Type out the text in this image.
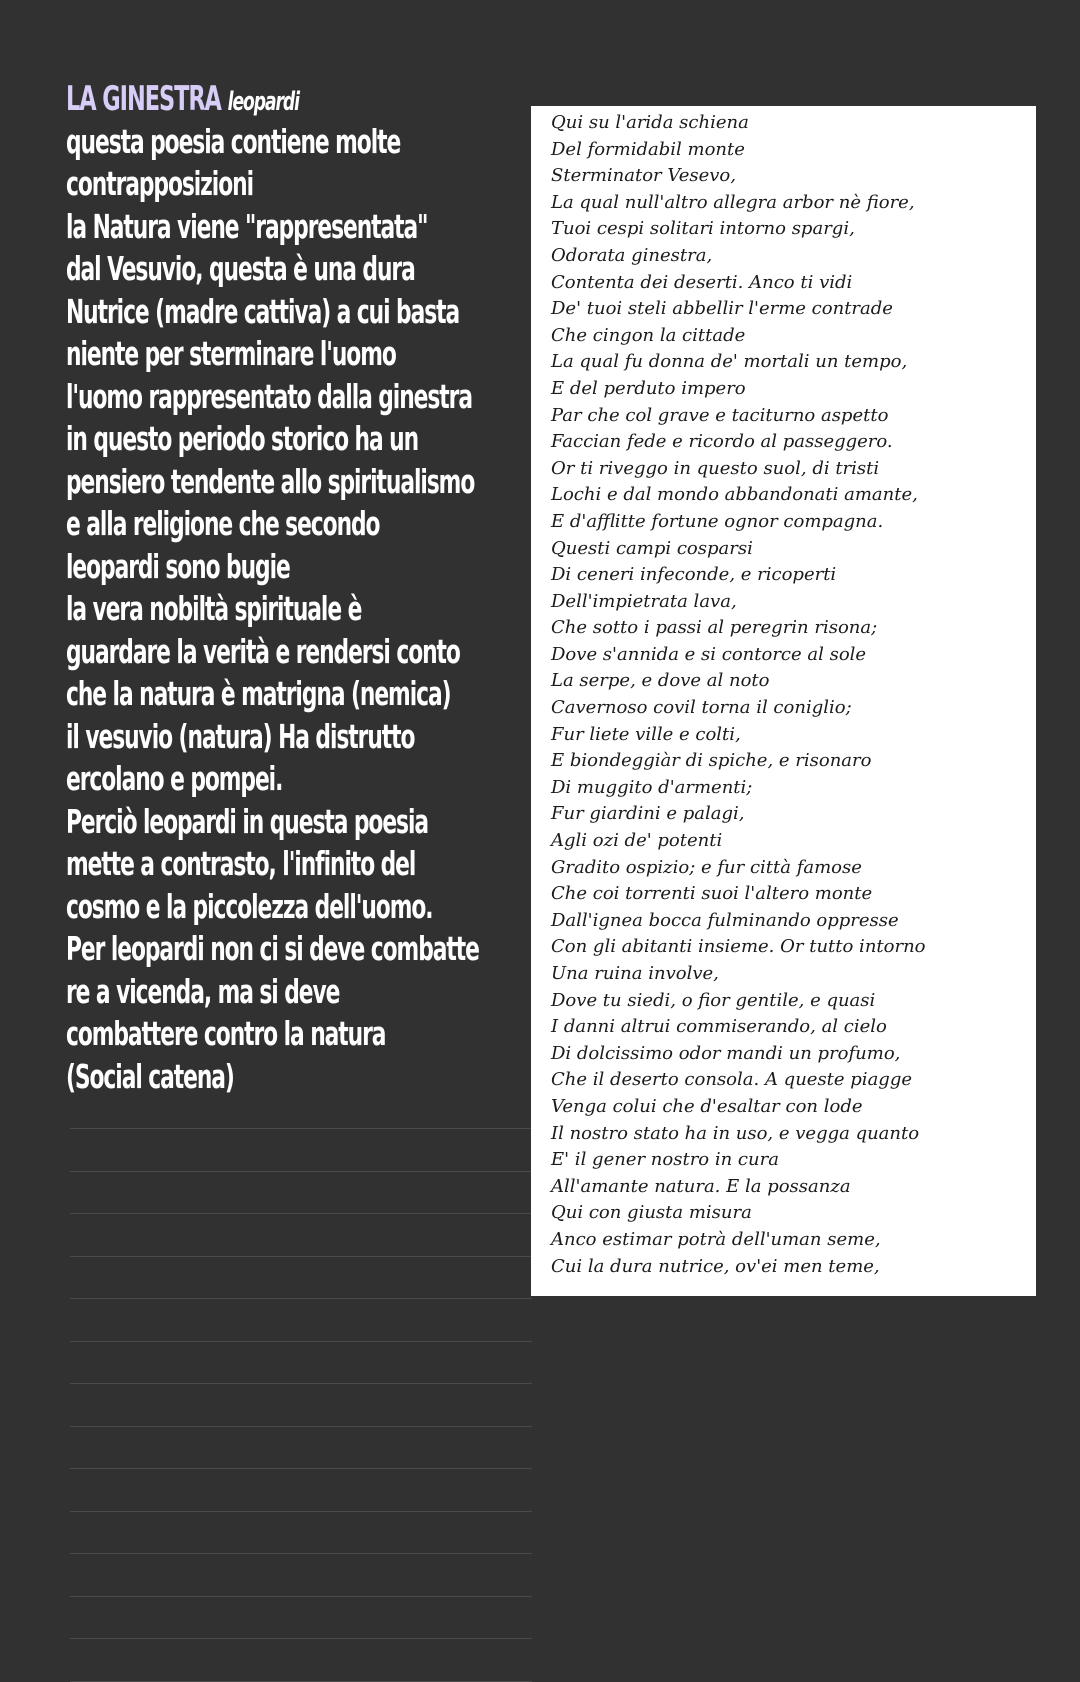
LA GINESTRA leopardi
questa poesia contiene molte
contrapposizioni
la Natura viene "rappresentata"
dal Vesuvio, questa è una dura
Nutrice (madre cattiva) a cui basta
niente per sterminare l'uomo
l'uomo rappresentato dalla ginestra
in questo periodo storico ha un
pensiero tendente allo spiritualismo
e alla religione che secondo
leopardi sono bugie
la vera nobiltà spirituale è
guardare la verità e rendersi conto
che la natura è matrigna (nemica)
il vesuvio (natura) Ha distrutto
ercolano e pompei.
Perciò leopardi in questa poesia
mette a contrasto, l'infinito del
cosmo e la piccolezza dell'uomo.
Per leopardi non ci si deve combatte
re a vicenda, ma si deve
combattere contro la natura
(Social catena)
Qui su l'arida schiena
Del formidabil monte
Sterminator Vesevo,
La qual null'altro allegra arbor nè fiore,
Tuoi cespi solitari intorno spargi,
Odorata ginestra,
Contenta dei deserti. Anco ti vidi
De' tuoi steli abbellir l'erme contrade
Che cingon la cittade
La qual fu donna de' mortali un tempo,
E del perduto impero
Par che col grave e taciturno aspetto
Faccian fede e ricordo al passeggero.
Or ti riveggo in questo suol, di tristi
Lochi e dal mondo abbandonati amante,
E d'afflitte fortune ognor compagna.
Questi campi cosparsi
Di ceneri infeconde, e ricoperti
Dell'impietrata lava,
Che sotto i passi al peregrin risona;
Dove s'annida e si contorce al sole
La serpe, e dove al noto
Cavernoso covil torna il coniglio;
Fur liete ville e colti,
E biondeggiàr di spiche, e risonaro
Di muggito d'armenti;
Fur giardini e palagi,
Agli ozi de' potenti
Gradito ospizio; e fur città famose
Che coi torrenti suoi l'altero monte
Dall'ignea bocca fulminando oppresse
Con gli abitanti insieme. Or tutto intorno
Una ruina involve,
Dove tu siedi, o fior gentile, e quasi
I danni altrui commiserando, al cielo
Di dolcissimo odor mandi un profumo,
Che il deserto consola. A queste piagge
Venga colui che d'esaltar con lode
Il nostro stato ha in uso, e vegga quanto
E' il gener nostro in cura
All'amante natura. E la possanza
Qui con giusta misura
Anco estimar potrà dell'uman seme,
Cui la dura nutrice, ov'ei men teme,
